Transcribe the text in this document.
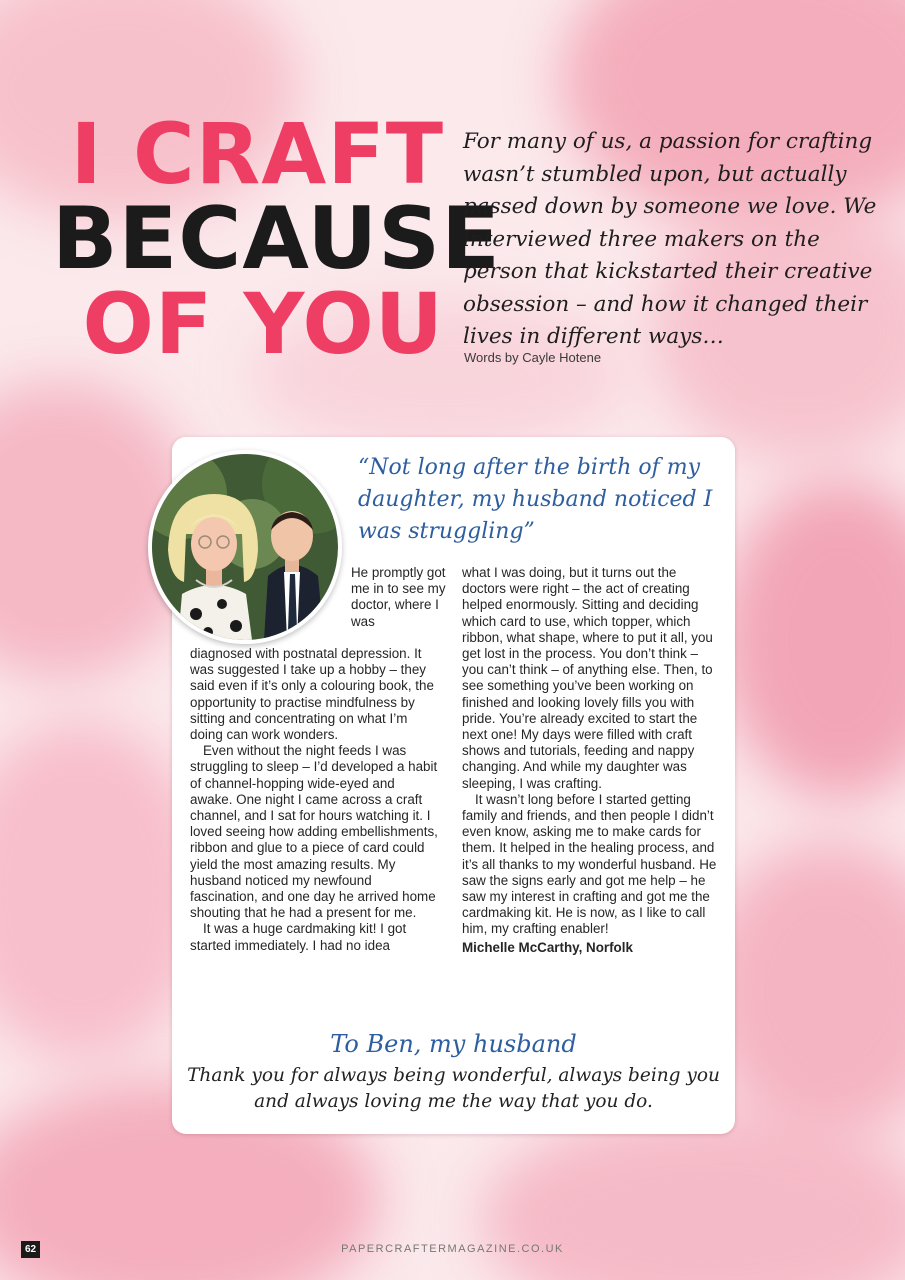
I CRAFT
BECAUSE
OF YOU

For many of us, a passion for crafting wasn’t stumbled upon, but actually passed down by someone we love. We interviewed three makers on the person that kickstarted their creative obsession – and how it changed their lives in different ways…

Words by Cayle Hotene

“Not long after the birth of my daughter, my husband noticed I was struggling”

He promptly got me in to see my doctor, where I was

diagnosed with postnatal depression. It was suggested I take up a hobby – they said even if it’s only a colouring book, the opportunity to practise mindfulness by sitting and concentrating on what I’m doing can work wonders.

Even without the night feeds I was struggling to sleep – I’d developed a habit of channel-hopping wide-eyed and awake. One night I came across a craft channel, and I sat for hours watching it. I loved seeing how adding embellishments, ribbon and glue to a piece of card could yield the most amazing results. My husband noticed my newfound fascination, and one day he arrived home shouting that he had a present for me.

It was a huge cardmaking kit! I got started immediately. I had no idea

what I was doing, but it turns out the doctors were right – the act of creating helped enormously. Sitting and deciding which card to use, which topper, which ribbon, what shape, where to put it all, you get lost in the process. You don’t think – you can’t think – of anything else. Then, to see something you’ve been working on finished and looking lovely fills you with pride. You’re already excited to start the next one! My days were filled with craft shows and tutorials, feeding and nappy changing. And while my daughter was sleeping, I was crafting.

It wasn’t long before I started getting family and friends, and then people I didn’t even know, asking me to make cards for them. It helped in the healing process, and it’s all thanks to my wonderful husband. He saw the signs early and got me help – he saw my interest in crafting and got me the cardmaking kit. He is now, as I like to call him, my crafting enabler!

Michelle McCarthy, Norfolk

To Ben, my husband
Thank you for always being wonderful, always being you and always loving me the way that you do.
62	PAPERCRAFTERMAGAZINE.CO.UK
